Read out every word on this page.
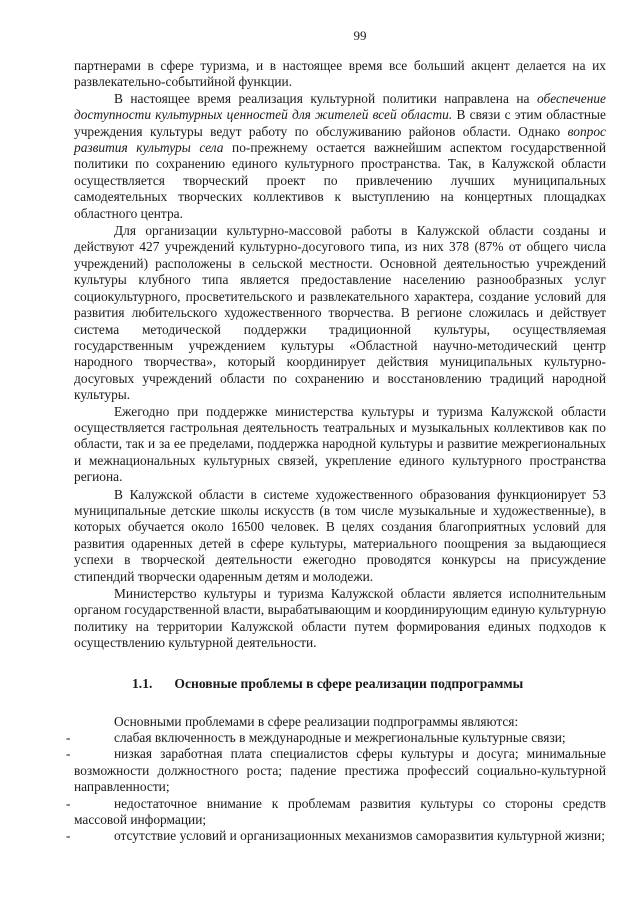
99

партнерами в сфере туризма, и в настоящее время все больший акцент делается на их развлекательно-событийной функции.

В настоящее время реализация культурной политики направлена на обеспечение доступности культурных ценностей для жителей всей области. В связи с этим областные учреждения культуры ведут работу по обслуживанию районов области. Однако вопрос развития культуры села по-прежнему остается важнейшим аспектом государственной политики по сохранению единого культурного пространства. Так, в Калужской области осуществляется творческий проект по привлечению лучших муниципальных самодеятельных творческих коллективов к выступлению на концертных площадках областного центра.

Для организации культурно-массовой работы в Калужской области созданы и действуют 427 учреждений культурно-досугового типа, из них 378 (87% от общего числа учреждений) расположены в сельской местности. Основной деятельностью учреждений культуры клубного типа является предоставление населению разнообразных услуг социокультурного, просветительского и развлекательного характера, создание условий для развития любительского художественного творчества. В регионе сложилась и действует система методической поддержки традиционной культуры, осуществляемая государственным учреждением культуры «Областной научно-методический центр народного творчества», который координирует действия муниципальных культурно-досуговых учреждений области по сохранению и восстановлению традиций народной культуры.

Ежегодно при поддержке министерства культуры и туризма Калужской области осуществляется гастрольная деятельность театральных и музыкальных коллективов как по области, так и за ее пределами, поддержка народной культуры и развитие межрегиональных и межнациональных культурных связей, укрепление единого культурного пространства региона.

В Калужской области в системе художественного образования функционирует 53 муниципальные детские школы искусств (в том числе музыкальные и художественные), в которых обучается около 16500 человек. В целях создания благоприятных условий для развития одаренных детей в сфере культуры, материального поощрения за выдающиеся успехи в творческой деятельности ежегодно проводятся конкурсы на присуждение стипендий творчески одаренным детям и молодежи.

Министерство культуры и туризма Калужской области является исполнительным органом государственной власти, вырабатывающим и координирующим единую культурную политику на территории Калужской области путем формирования единых подходов к осуществлению культурной деятельности.

1.1. Основные проблемы в сфере реализации подпрограммы

Основными проблемами в сфере реализации подпрограммы являются:

-	слабая включенность в международные и межрегиональные культурные связи;
-	низкая заработная плата специалистов сферы культуры и досуга; минимальные возможности должностного роста; падение престижа профессий социально-культурной направленности;
-	недостаточное внимание к проблемам развития культуры со стороны средств массовой информации;
-	отсутствие условий и организационных механизмов саморазвития культурной жизни;
